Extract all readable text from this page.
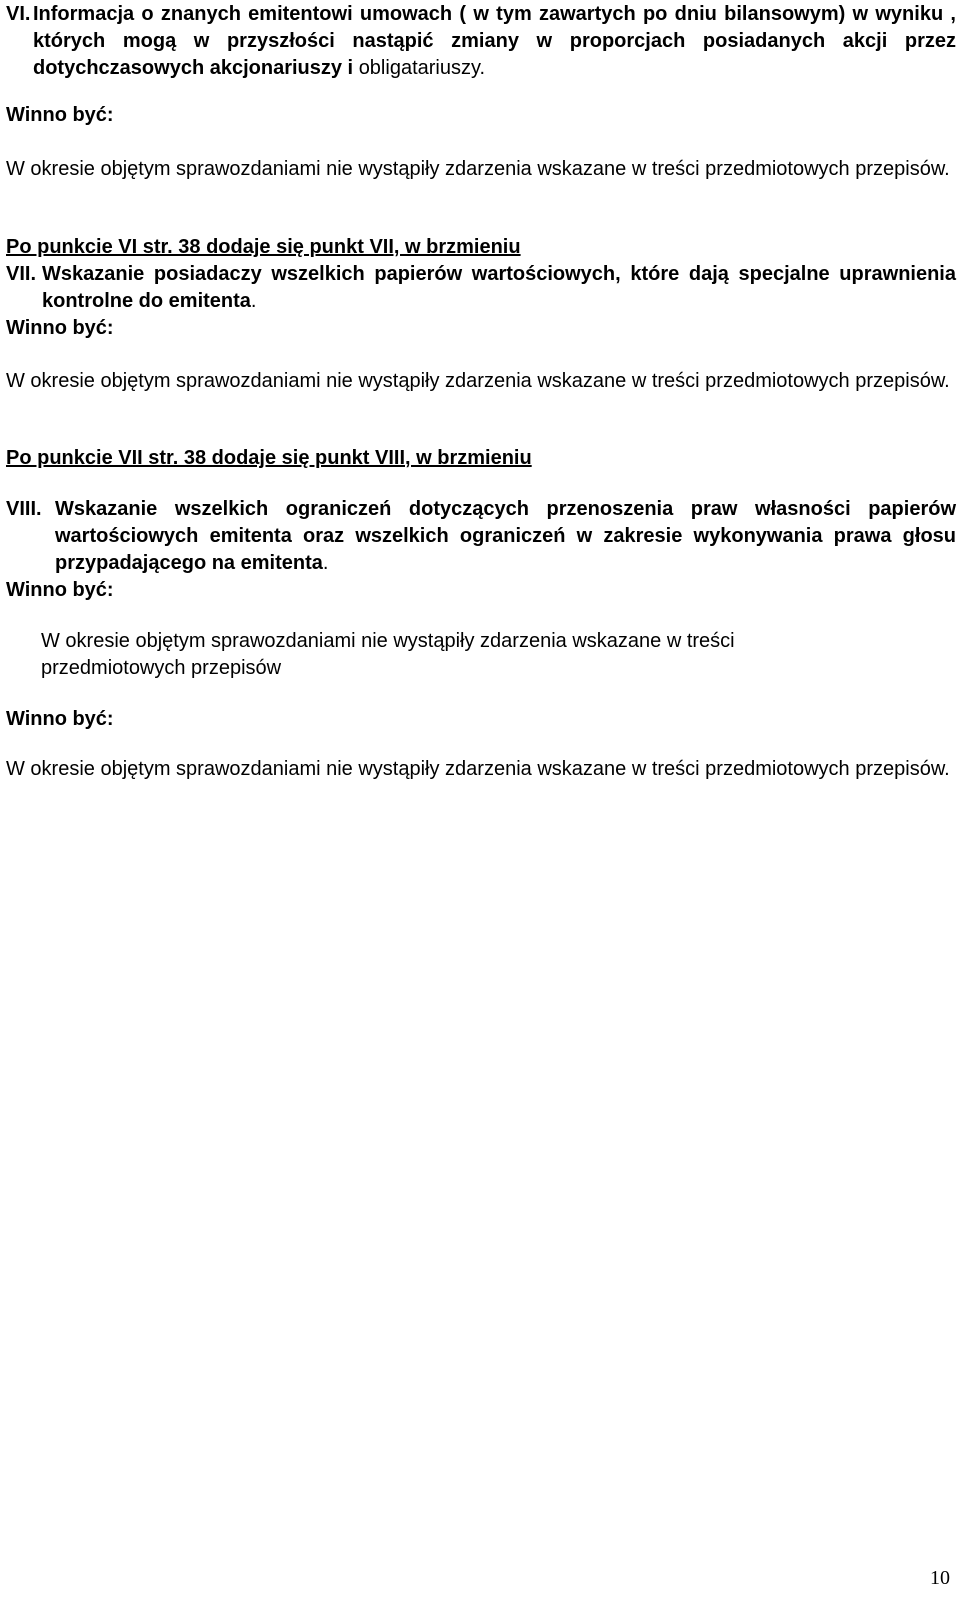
VI. Informacja o znanych emitentowi umowach ( w tym zawartych po dniu bilansowym) w wyniku , których mogą w przyszłości nastąpić zmiany w proporcjach posiadanych akcji przez dotychczasowych akcjonariuszy i obligatariuszy.
Winno być:
W okresie objętym sprawozdaniami nie wystąpiły zdarzenia wskazane w treści przedmiotowych przepisów.
Po punkcie VI str. 38 dodaje się punkt VII, w brzmieniu
VII. Wskazanie posiadaczy wszelkich papierów wartościowych, które dają specjalne uprawnienia kontrolne do emitenta.
Winno być:
W okresie objętym sprawozdaniami nie wystąpiły zdarzenia wskazane w treści przedmiotowych przepisów.
Po punkcie VII str. 38 dodaje się punkt VIII, w brzmieniu
VIII. Wskazanie wszelkich ograniczeń dotyczących przenoszenia praw własności papierów wartościowych emitenta oraz wszelkich ograniczeń w zakresie wykonywania prawa głosu przypadającego na emitenta.
Winno być:
W okresie objętym sprawozdaniami nie wystąpiły zdarzenia wskazane w treści przedmiotowych przepisów
Winno być:
W okresie objętym sprawozdaniami nie wystąpiły zdarzenia wskazane w treści przedmiotowych przepisów.
10
